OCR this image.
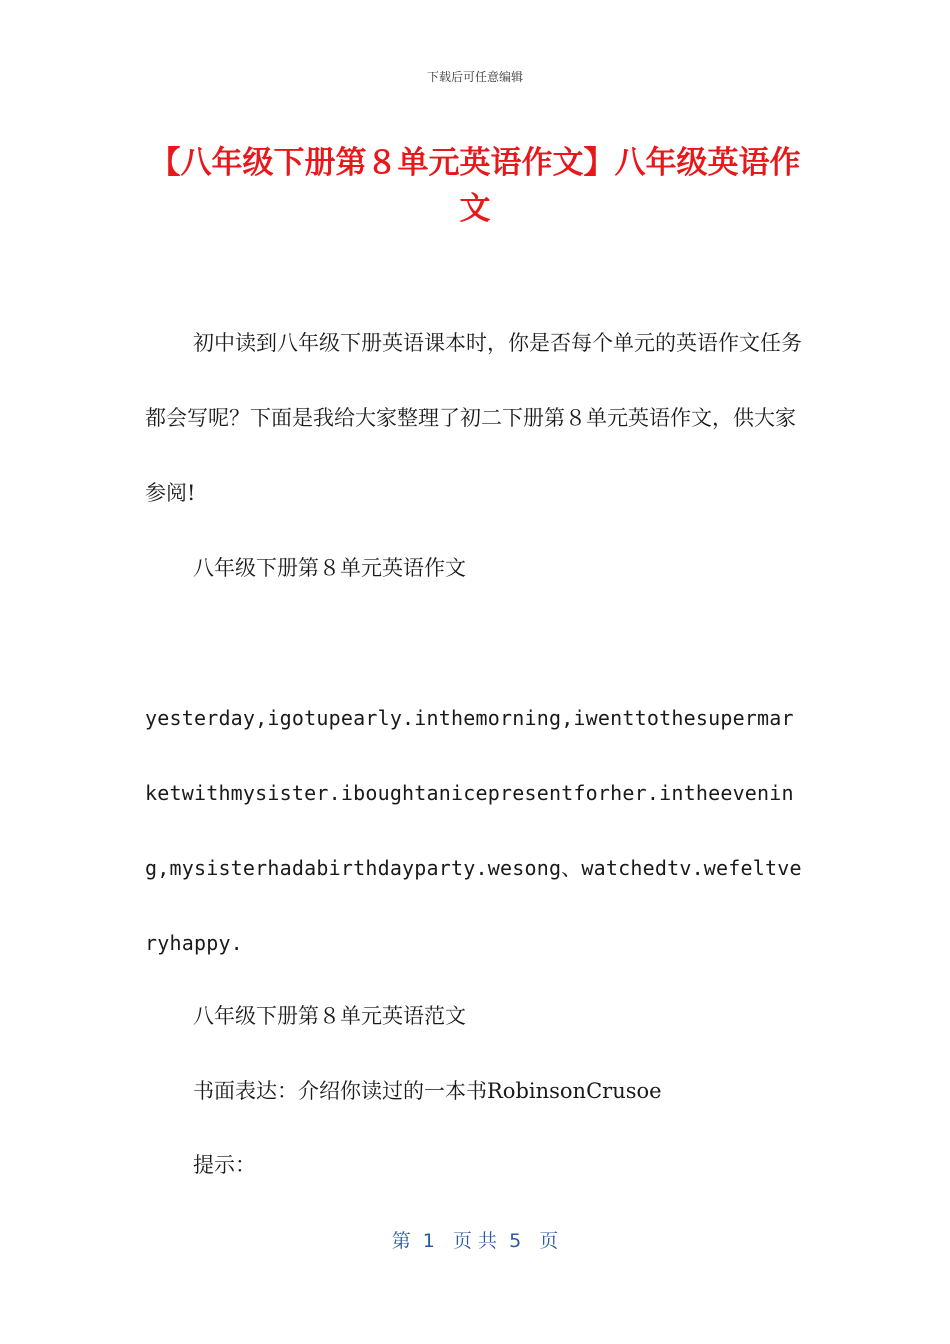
下载后可任意编辑
【八年级下册第８单元英语作文】八年级英语作文

初中读到八年级下册英语课本时，你是否每个单元的英语作文任务都会写呢？下面是我给大家整理了初二下册第８单元英语作文，供大家参阅!

八年级下册第８单元英语作文

yesterday,igotupearly.inthemorning,iwenttothesupermarketwithmysister.iboughtanicepresentforher.intheevening,mysisterhadabirthdayparty.wesong、watchedtv.wefeltveryhappy.

八年级下册第８单元英语范文

书面表达：介绍你读过的一本书RobinsonCrusoe

提示：

第  1   页 共  5   页
